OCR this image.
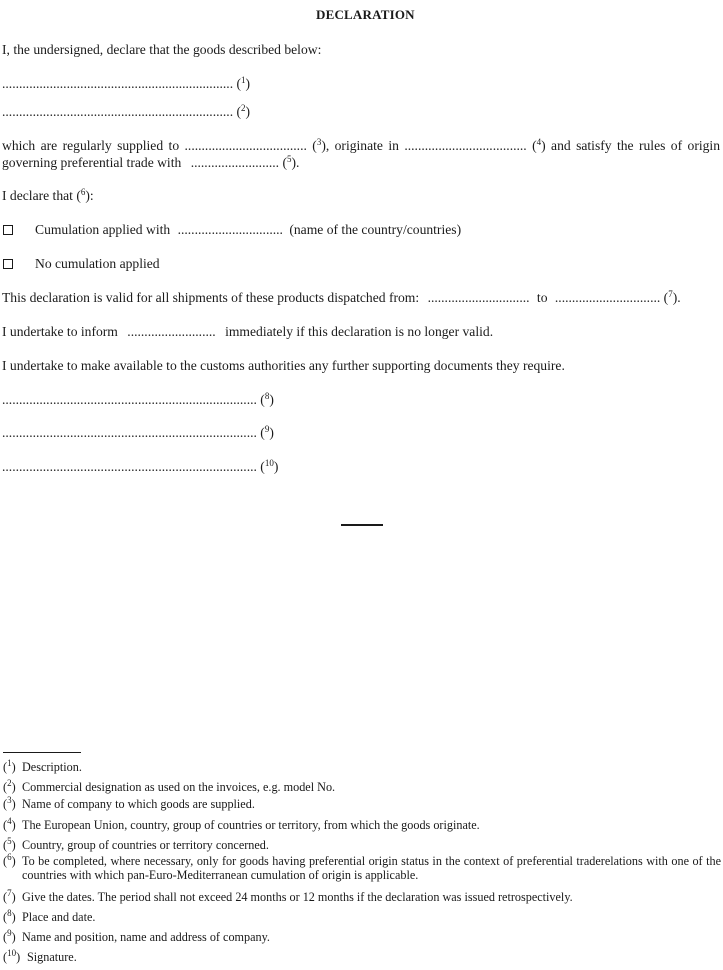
DECLARATION
I, the undersigned, declare that the goods described below:
.................................................................... ($^1$)
.................................................................... ($^2$)
which are regularly supplied to .................................... ($^3$), originate in .................................... ($^4$) and satisfy the rules of origin
governing preferential trade with .......................... ($^5$).
I declare that ($^6$):
Cumulation applied with ............................... (name of the country/countries)
No cumulation applied
This declaration is valid for all shipments of these products dispatched from: .............................. to ............................... ($^7$).
I undertake to inform .......................... immediately if this declaration is no longer valid.
I undertake to make available to the customs authorities any further supporting documents they require.
........................................................................... ($^8$)
........................................................................... ($^9$)
........................................................................... ($^{10}$)
($^1$) Description.
($^2$) Commercial designation as used on the invoices, e.g. model No.
($^3$) Name of company to which goods are supplied.
($^4$) The European Union, country, group of countries or territory, from which the goods originate.
($^5$) Country, group of countries or territory concerned.
($^6$) To be completed, where necessary, only for goods having preferential origin status in the context of preferential traderelations with one of the countries with which pan-Euro-Mediterranean cumulation of origin is applicable.
($^7$) Give the dates. The period shall not exceed 24 months or 12 months if the declaration was issued retrospectively.
($^8$) Place and date.
($^9$) Name and position, name and address of company.
($^{10}$) Signature.
